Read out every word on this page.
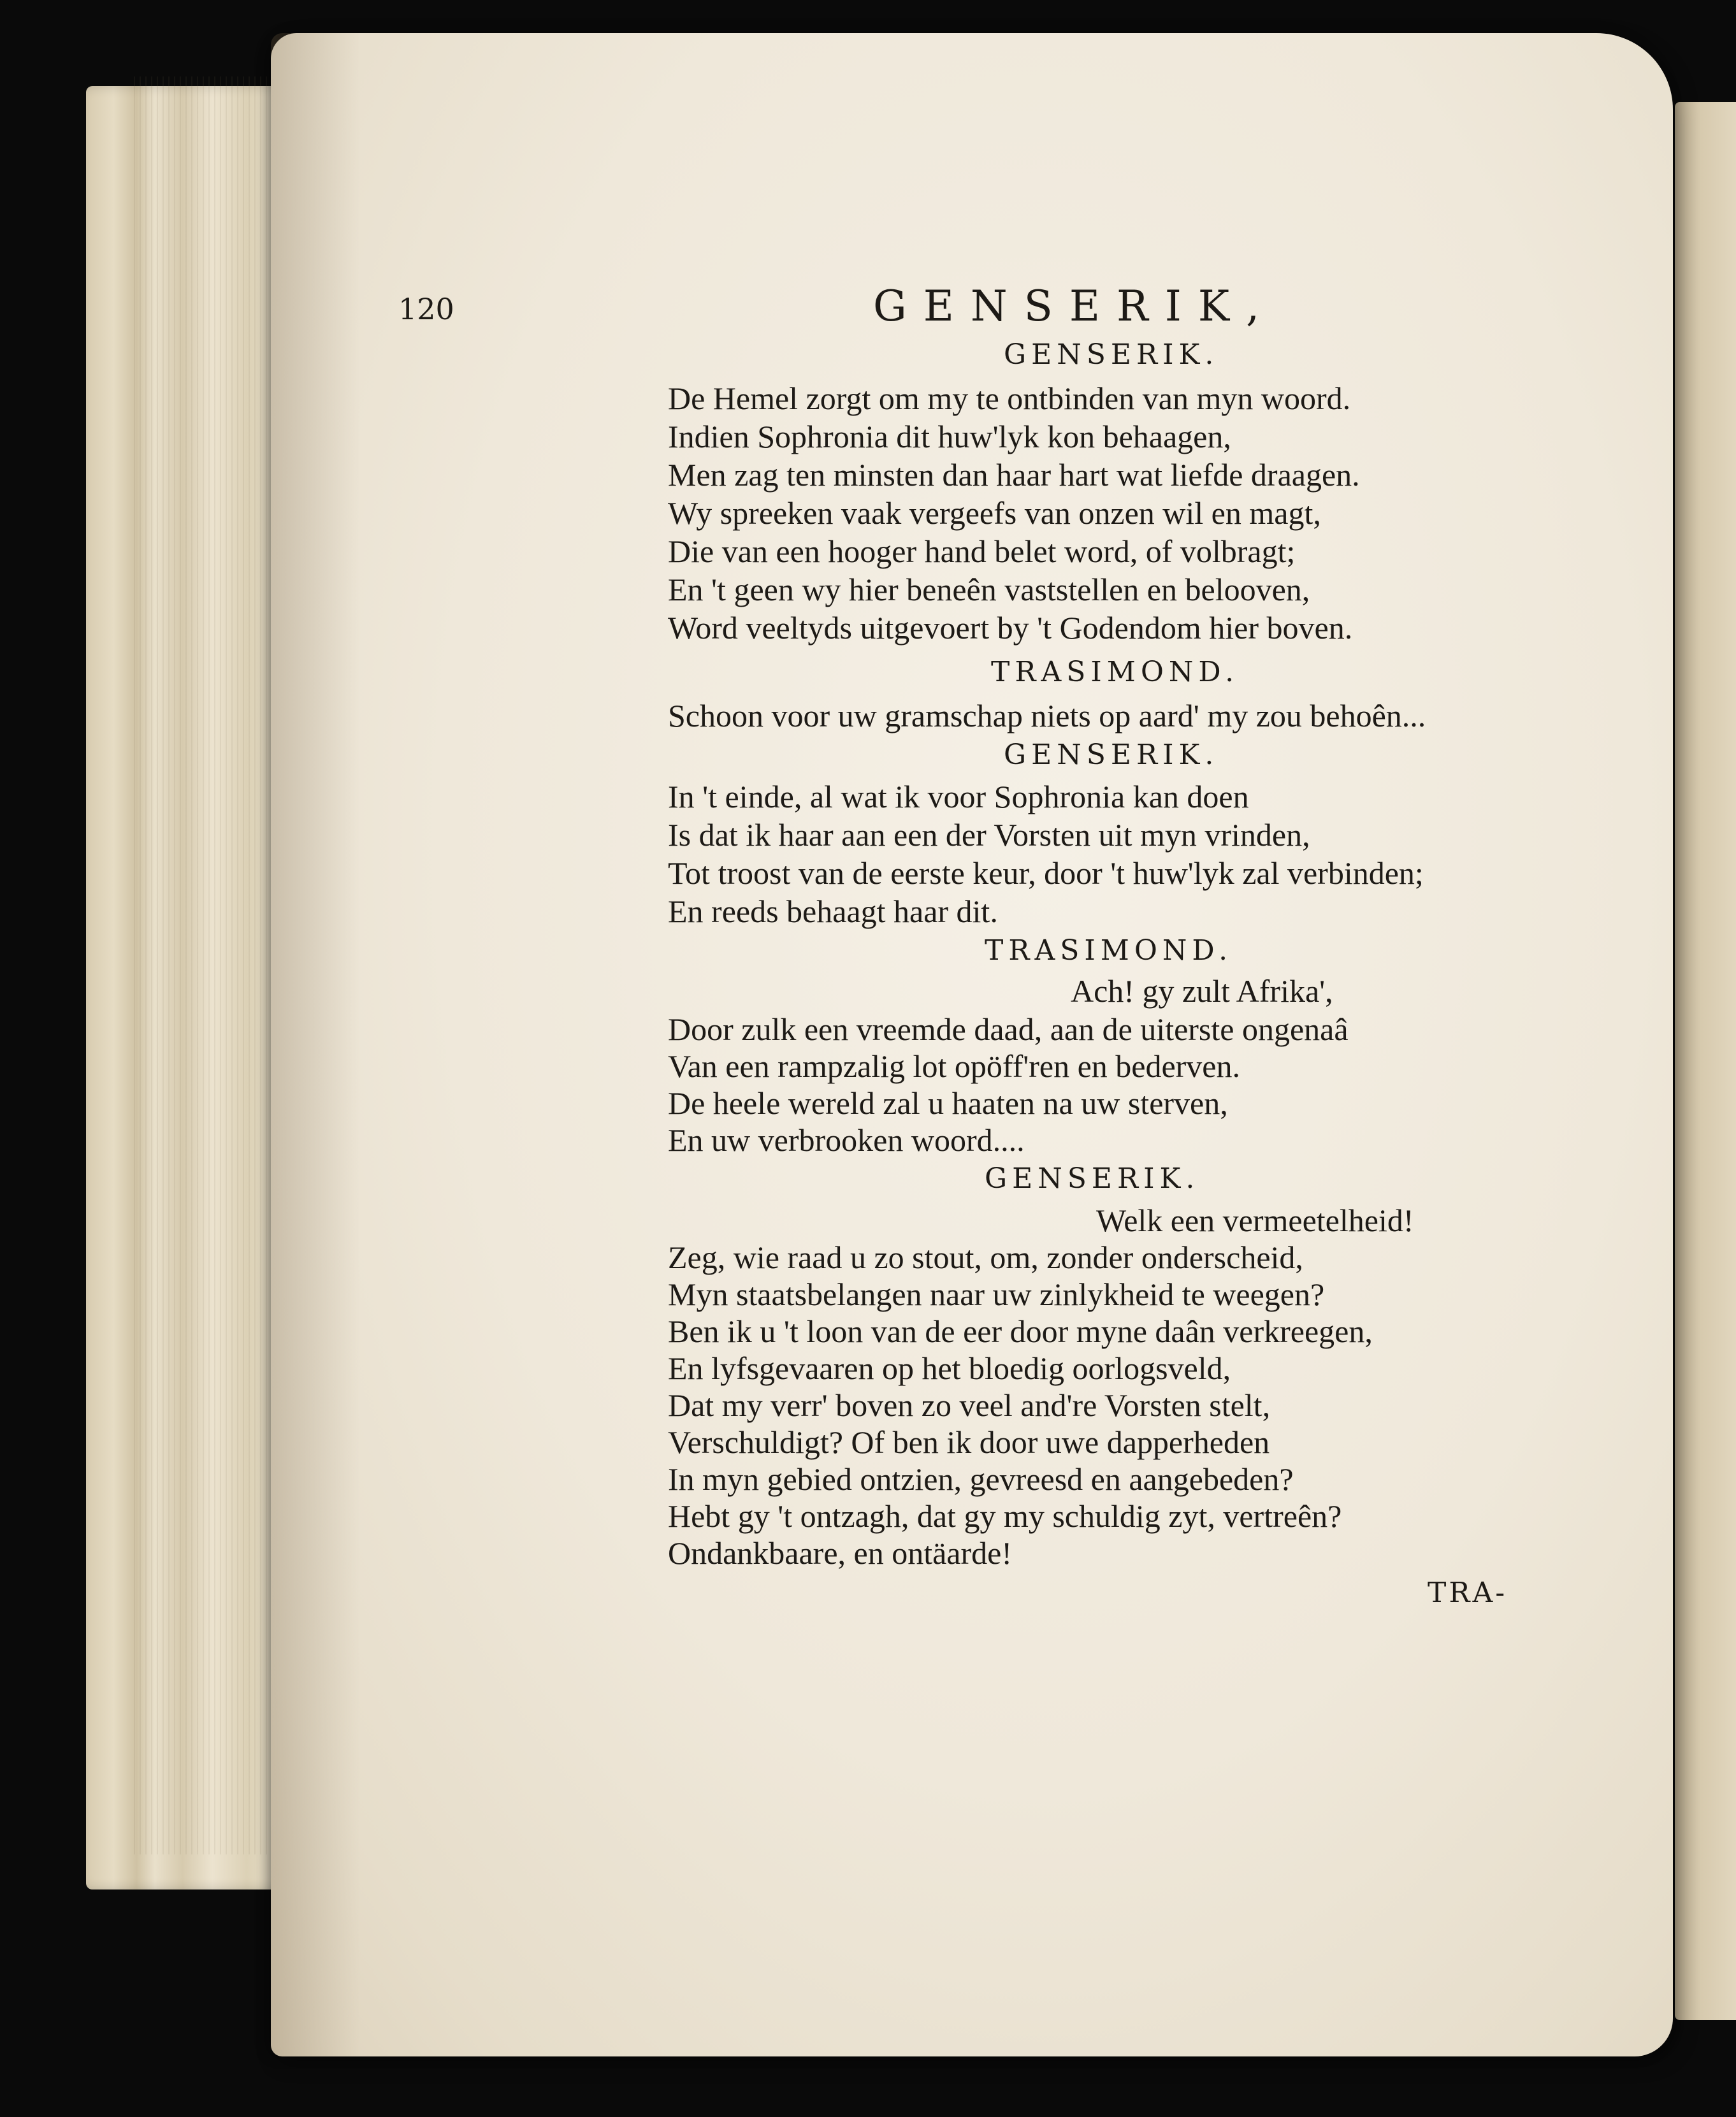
120	GENSERIK,
GENSERIK.
De Hemel zorgt om my te ontbinden van myn woord.
Indien Sophronia dit huw'lyk kon behaagen,
Men zag ten minsten dan haar hart wat liefde draagen.
Wy spreeken vaak vergeefs van onzen wil en magt,
Die van een hooger hand belet word, of volbragt;
En 't geen wy hier beneên vaststellen en belooven,
Word veeltyds uitgevoert by 't Godendom hier boven.
TRASIMOND.
Schoon voor uw gramschap niets op aard' my zou behoên...
GENSERIK.
In 't einde, al wat ik voor Sophronia kan doen
Is dat ik haar aan een der Vorsten uit myn vrinden,
Tot troost van de eerste keur, door 't huw'lyk zal verbinden;
En reeds behaagt haar dit.
TRASIMOND.
Ach! gy zult Afrika',
Door zulk een vreemde daad, aan de uiterste ongenaâ
Van een rampzalig lot opöff'ren en bederven.
De heele wereld zal u haaten na uw sterven,
En uw verbrooken woord....
GENSERIK.
Welk een vermeetelheid!
Zeg, wie raad u zo stout, om, zonder onderscheid,
Myn staatsbelangen naar uw zinlykheid te weegen?
Ben ik u 't loon van de eer door myne daân verkreegen,
En lyfsgevaaren op het bloedig oorlogsveld,
Dat my verr' boven zo veel and're Vorsten stelt,
Verschuldigt? Of ben ik door uwe dapperheden
In myn gebied ontzien, gevreesd en aangebeden?
Hebt gy 't ontzagh, dat gy my schuldig zyt, vertreên?
Ondankbaare, en ontäarde!
TRA-
